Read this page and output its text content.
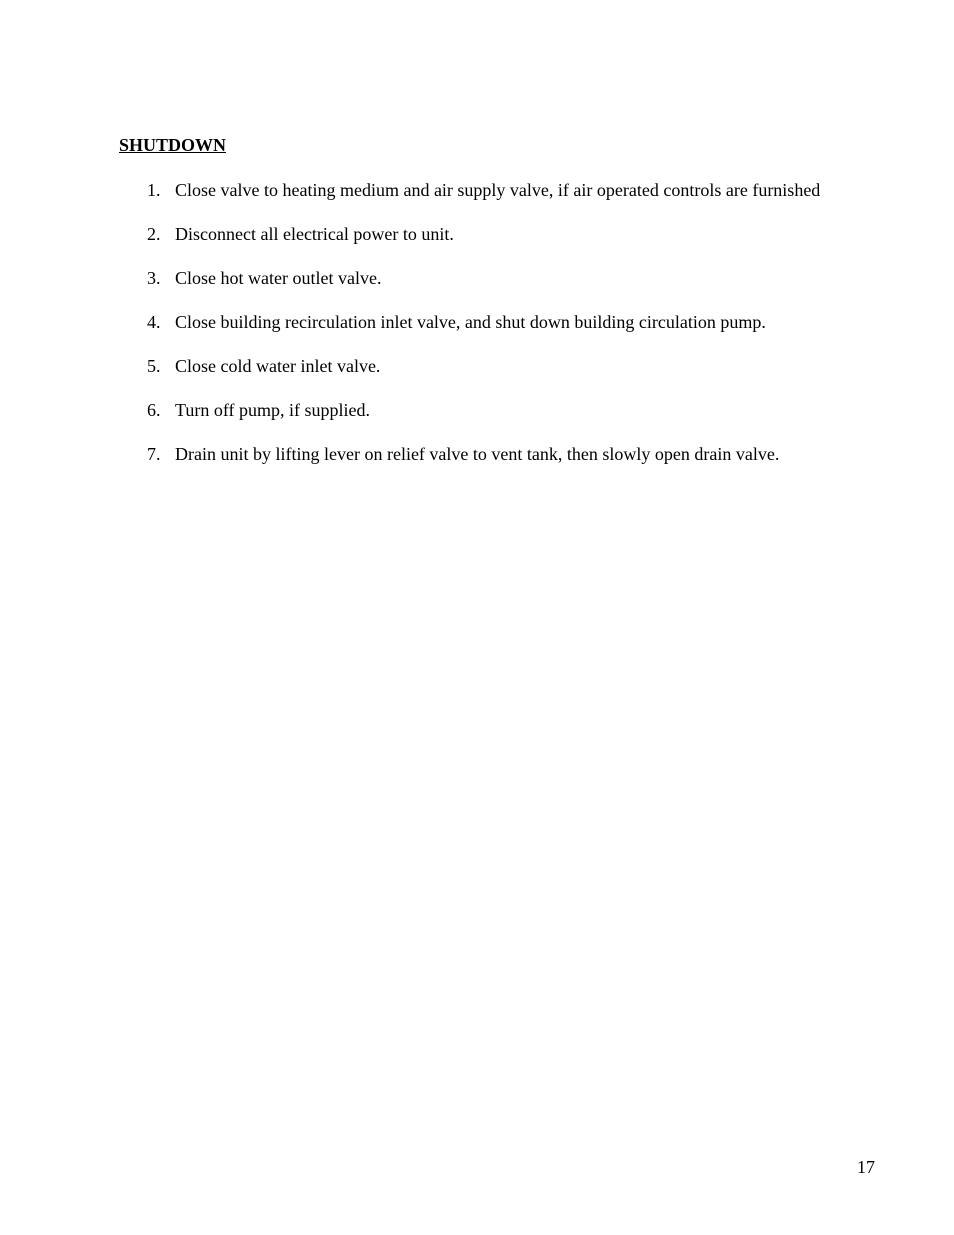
SHUTDOWN
1. Close valve to heating medium and air supply valve, if air operated controls are furnished
2. Disconnect all electrical power to unit.
3. Close hot water outlet valve.
4. Close building recirculation inlet valve, and shut down building circulation pump.
5. Close cold water inlet valve.
6. Turn off pump, if supplied.
7. Drain unit by lifting lever on relief valve to vent tank, then slowly open drain valve.
17
